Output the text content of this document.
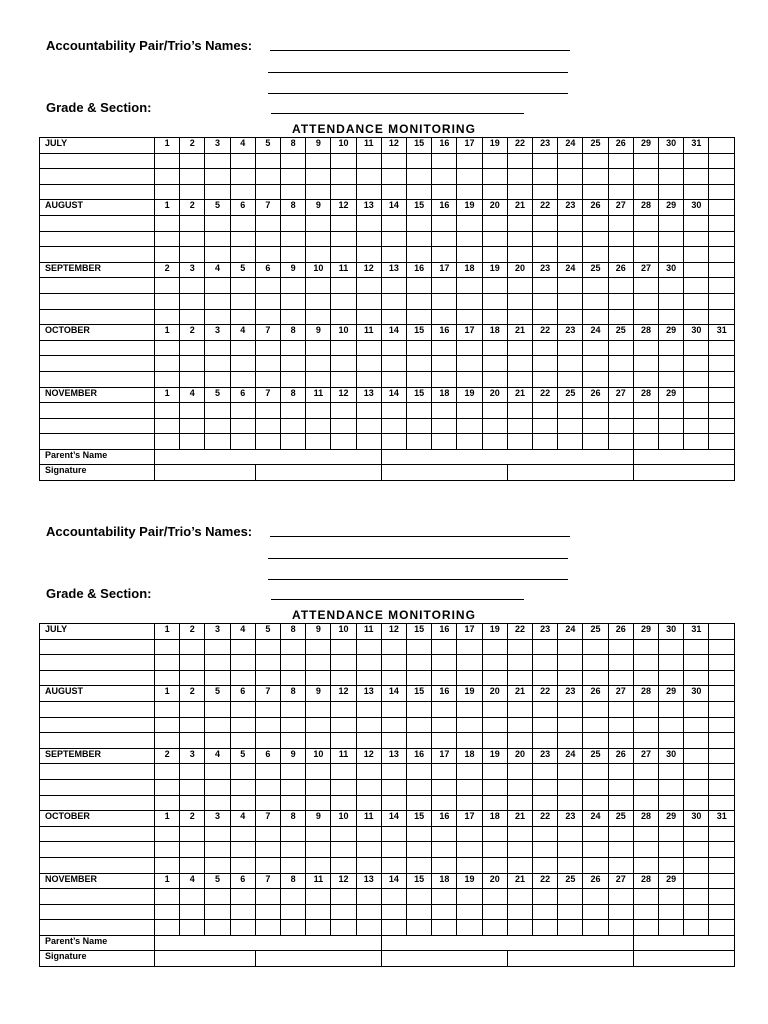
Accountability Pair/Trio’s Names:
Grade & Section:
ATTENDANCE MONITORING
JULY	1	2	3	4	5	8	9	10	11	12	15	16	17	19	22	23	24	25	26	29	30	31	

AUGUST	1	2	5	6	7	8	9	12	13	14	15	16	19	20	21	22	23	26	27	28	29	30	

SEPTEMBER	2	3	4	5	6	9	10	11	12	13	16	17	18	19	20	23	24	25	26	27	30		

OCTOBER	1	2	3	4	7	8	9	10	11	14	15	16	17	18	21	22	23	24	25	28	29	30	31

NOVEMBER	1	4	5	6	7	8	11	12	13	14	15	18	19	20	21	22	25	26	27	28	29		

Parent’s Name																							
Signature																							
Accountability Pair/Trio’s Names:
Grade & Section:
ATTENDANCE MONITORING
JULY	1	2	3	4	5	8	9	10	11	12	15	16	17	19	22	23	24	25	26	29	30	31	

AUGUST	1	2	5	6	7	8	9	12	13	14	15	16	19	20	21	22	23	26	27	28	29	30	

SEPTEMBER	2	3	4	5	6	9	10	11	12	13	16	17	18	19	20	23	24	25	26	27	30		

OCTOBER	1	2	3	4	7	8	9	10	11	14	15	16	17	18	21	22	23	24	25	28	29	30	31

NOVEMBER	1	4	5	6	7	8	11	12	13	14	15	18	19	20	21	22	25	26	27	28	29		

Parent’s Name																							
Signature																							
